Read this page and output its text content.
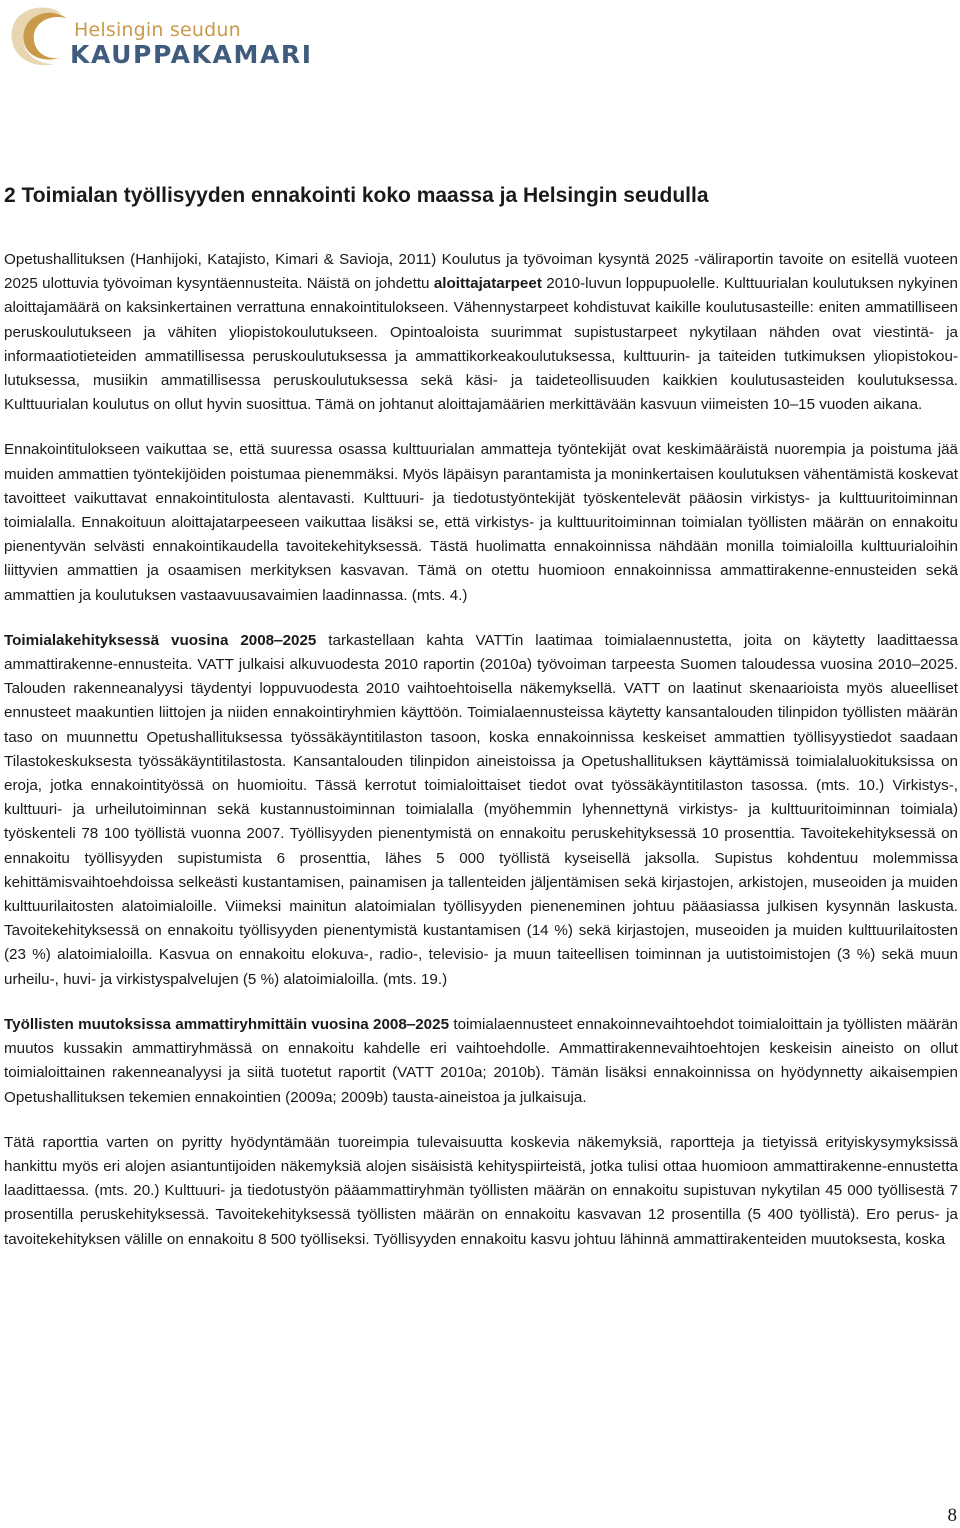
Helsingin seudun
KAUPPAKAMARI
2 Toimialan työllisyyden ennakointi koko maassa ja Helsingin seudulla

Opetushallituksen (Hanhijoki, Katajisto, Kimari & Savioja, 2011) Koulutus ja työvoiman kysyntä 2025 -väliraportin tavoite on esitellä vuoteen 2025 ulottuvia työvoiman kysyntäennusteita. Näistä on johdettu aloittajatarpeet 2010-luvun loppupuolelle. Kulttuurialan koulutuksen nykyinen aloittajamäärä on kaksinkertainen verrattuna ennakointitulokseen. Vähennystarpeet kohdistuvat kaikille koulutusasteille: eniten ammatilliseen peruskoulutukseen ja vähiten yliopistokoulutukseen. Opintoaloista suurimmat supistustarpeet nykytilaan nähden ovat viestintä- ja informaatiotieteiden ammatillisessa peruskoulutuksessa ja ammattikorkeakoulutuksessa, kulttuurin- ja taiteiden tutkimuksen yliopistokoulutuksessa, musiikin ammatillisessa peruskoulutuksessa sekä käsi- ja taideteollisuuden kaikkien koulutusasteiden koulutuksessa. Kulttuurialan koulutus on ollut hyvin suosittua. Tämä on johtanut aloittajamäärien merkittävään kasvuun viimeisten 10‒15 vuoden aikana.

Ennakointitulokseen vaikuttaa se, että suuressa osassa kulttuurialan ammatteja työntekijät ovat keskimääräistä nuorempia ja poistuma jää muiden ammattien työntekijöiden poistumaa pienemmäksi. Myös läpäisyn parantamista ja moninkertaisen koulutuksen vähentämistä koskevat tavoitteet vaikuttavat ennakointitulosta alentavasti. Kulttuuri- ja tiedotustyöntekijät työskentelevät pääosin virkistys- ja kulttuuritoiminnan toimialalla. Ennakoituun aloittajatarpeeseen vaikuttaa lisäksi se, että virkistys- ja kulttuuritoiminnan toimialan työllisten määrän on ennakoitu pienentyvän selvästi ennakointikaudella tavoitekehityksessä. Tästä huolimatta ennakoinnissa nähdään monilla toimialoilla kulttuurialoihin liittyvien ammattien ja osaamisen merkityksen kasvavan. Tämä on otettu huomioon ennakoinnissa ammattirakenne-ennusteiden sekä ammattien ja koulutuksen vastaavuusavaimien laadinnassa. (mts. 4.)

Toimialakehityksessä vuosina 2008‒2025 tarkastellaan kahta VATTin laatimaa toimialaennustetta, joita on käytetty laadittaessa ammattirakenne-ennusteita. VATT julkaisi alkuvuodesta 2010 raportin (2010a) työvoiman tarpeesta Suomen taloudessa vuosina 2010‒2025. Talouden rakenneanalyysi täydentyi loppuvuodesta 2010 vaihtoehtoisella näkemyksellä. VATT on laatinut skenaarioista myös alueelliset ennusteet maakuntien liittojen ja niiden ennakointiryhmien käyttöön. Toimialaennusteissa käytetty kansantalouden tilinpidon työllisten määrän taso on muunnettu Opetushallituksessa työssäkäyntitilaston tasoon, koska ennakoinnissa keskeiset ammattien työllisyystiedot saadaan Tilastokeskuksesta työssäkäyntitilastosta. Kansantalouden tilinpidon aineistoissa ja Opetushallituksen käyttämissä toimialaluokituksissa on eroja, jotka ennakointityössä on huomioitu. Tässä kerrotut toimialoittaiset tiedot ovat työssäkäyntitilaston tasossa. (mts. 10.) Virkistys-, kulttuuri- ja urheilutoiminnan sekä kustannustoiminnan toimialalla (myöhemmin lyhennettynä virkistys- ja kulttuuritoiminnan toimiala) työskenteli 78 100 työllistä vuonna 2007. Työllisyyden pienentymistä on ennakoitu peruskehityksessä 10 prosenttia. Tavoitekehityksessä on ennakoitu työllisyyden supistumista 6 prosenttia, lähes 5 000 työllistä kyseisellä jaksolla. Supistus kohdentuu molemmissa kehittämisvaihtoehdoissa selkeästi kustantamisen, painamisen ja tallenteiden jäljentämisen sekä kirjastojen, arkistojen, museoiden ja muiden kulttuurilaitosten alatoimialoille. Viimeksi mainitun alatoimialan työllisyyden pieneneminen johtuu pääasiassa julkisen kysynnän laskusta. Tavoitekehityksessä on ennakoitu työllisyyden pienentymistä kustantamisen (14 %) sekä kirjastojen, museoiden ja muiden kulttuurilaitosten (23 %) alatoimialoilla. Kasvua on ennakoitu elokuva-, radio-, televisio- ja muun taiteellisen toiminnan ja uutistoimistojen (3 %) sekä muun urheilu-, huvi- ja virkistyspalvelujen (5 %) alatoimialoilla. (mts. 19.)

Työllisten muutoksissa ammattiryhmittäin vuosina 2008‒2025 toimialaennusteet ennakoinnevaihtoehdot toimialoittain ja työllisten määrän muutos kussakin ammattiryhmässä on ennakoitu kahdelle eri vaihtoehdolle. Ammattirakennevaihtoehtojen keskeisin aineisto on ollut toimialoittainen rakenneanalyysi ja siitä tuotetut raportit (VATT 2010a; 2010b). Tämän lisäksi ennakoinnissa on hyödynnetty aikaisempien Opetushallituksen tekemien ennakointien (2009a; 2009b) tausta-aineistoa ja julkaisuja.

Tätä raporttia varten on pyritty hyödyntämään tuoreimpia tulevaisuutta koskevia näkemyksiä, raportteja ja tietyissä erityiskysymyksissä hankittu myös eri alojen asiantuntijoiden näkemyksiä alojen sisäisistä kehityspiirteistä, jotka tulisi ottaa huomioon ammattirakenne-ennustetta laadittaessa. (mts. 20.) Kulttuuri- ja tiedotustyön pääammattiryhmän työllisten määrän on ennakoitu supistuvan nykytilan 45 000 työllisestä 7 prosentilla peruskehityksessä. Tavoitekehityksessä työllisten määrän on ennakoitu kasvavan 12 prosentilla (5 400 työllistä). Ero perus- ja tavoitekehityksen välille on ennakoitu 8 500 työlliseksi. Työllisyyden ennakoitu kasvu johtuu lähinnä ammattirakenteiden muutoksesta, koska

8
